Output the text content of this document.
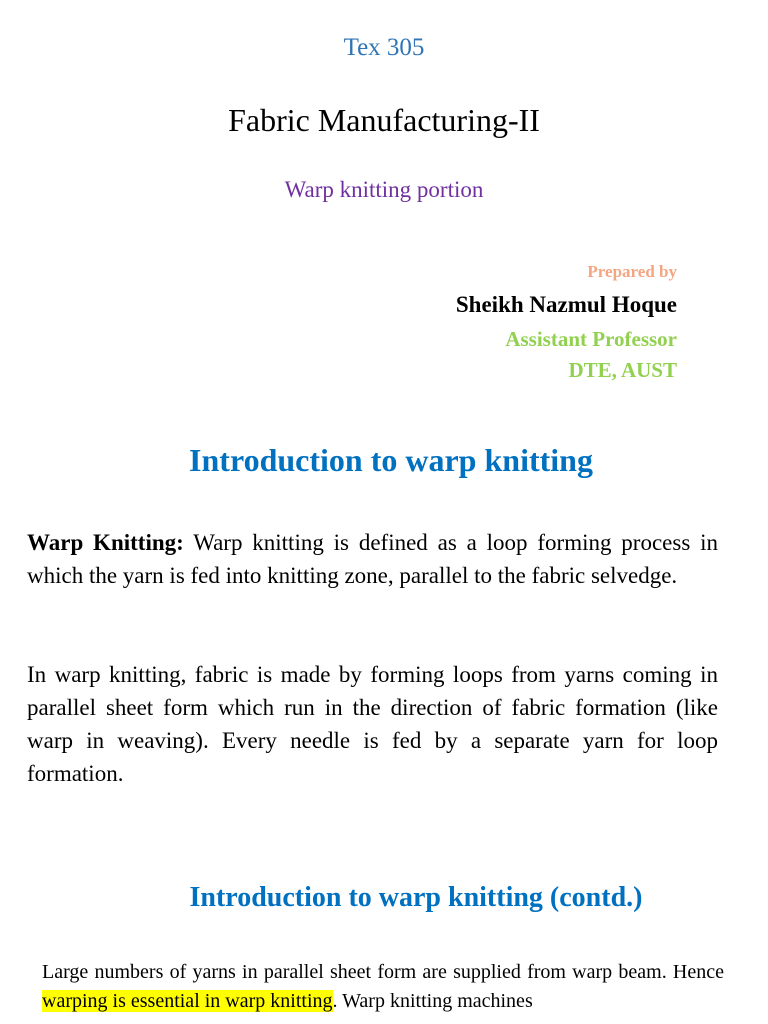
Tex 305
Fabric Manufacturing-II
Warp knitting portion
Prepared by
Sheikh Nazmul Hoque
Assistant Professor
DTE, AUST
Introduction to warp knitting

Warp Knitting: Warp knitting is defined as a loop forming process in which the yarn is fed into knitting zone, parallel to the fabric selvedge.

In warp knitting, fabric is made by forming loops from yarns coming in parallel sheet form which run in the direction of fabric formation (like warp in weaving). Every needle is fed by a separate yarn for loop formation.

Introduction to warp knitting (contd.)

Large numbers of yarns in parallel sheet form are supplied from warp beam. Hence warping is essential in warp knitting. Warp knitting machines
